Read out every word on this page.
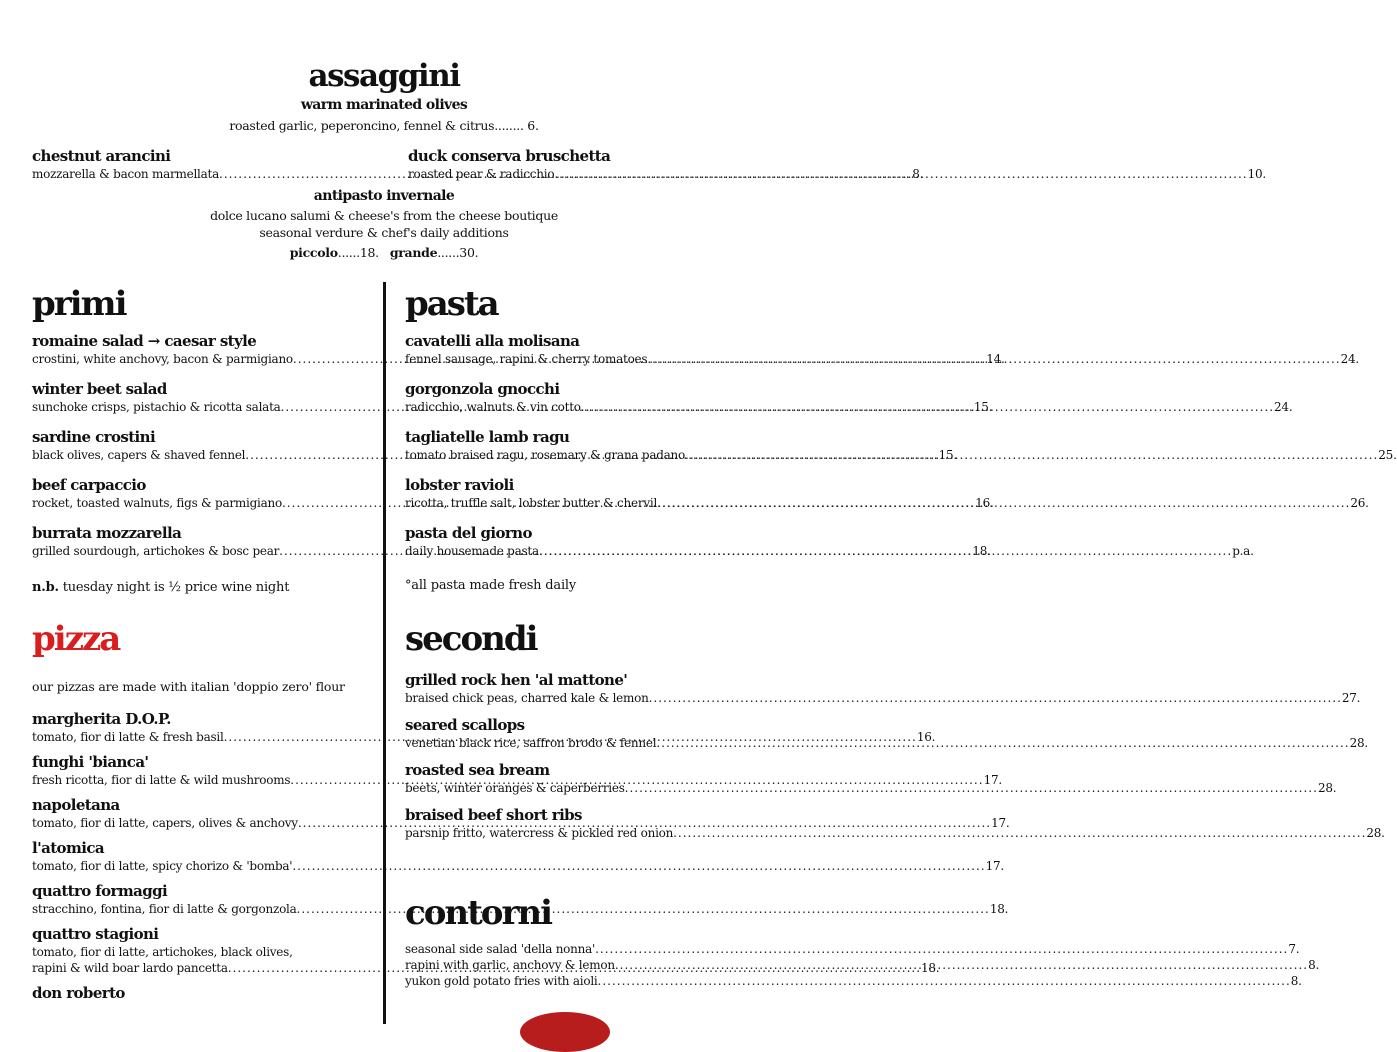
assaggini
warm marinated olives
roasted garlic, peperoncino, fennel & citrus........ 6.
chestnut arancini
mozzarella & bacon marmellata .....	8.
duck conserva bruschetta
roasted pear & radicchio .....	10.
antipasto invernale
dolce lucano salumi & cheese's from the cheese boutique
seasonal verdure & chef's daily additions
piccolo......18. grande......30.
primi
romaine salad → caesar style
crostini, white anchovy, bacon & parmigiano .....	14.
winter beet salad
sunchoke crisps, pistachio & ricotta salata .....	15.
sardine crostini
black olives, capers & shaved fennel .....	15.
beef carpaccio
rocket, toasted walnuts, figs & parmigiano .....	16.
burrata mozzarella
grilled sourdough, artichokes & bosc pear .....	18.
n.b. tuesday night is ½ price wine night
pasta
cavatelli alla molisana
fennel sausage, rapini & cherry tomatoes .....	24.
gorgonzola gnocchi
radicchio, walnuts & vin cotto .....	24.
tagliatelle lamb ragu
tomato braised ragu, rosemary & grana padano .....	25.
lobster ravioli
ricotta, truffle salt, lobster butter & chervil .....	26.
pasta del giorno
daily housemade pasta .....	p.a.
°all pasta made fresh daily
pizza
our pizzas are made with italian 'doppio zero' flour
margherita D.O.P.
tomato, fior di latte & fresh basil .....	16.
funghi 'bianca'
fresh ricotta, fior di latte & wild mushrooms .....	17.
napoletana
tomato, fior di latte, capers, olives & anchovy .....	17.
l'atomica
tomato, fior di latte, spicy chorizo & 'bomba' .....	17.
quattro formaggi
stracchino, fontina, fior di latte & gorgonzola .....	18.
quattro stagioni
tomato, fior di latte, artichokes, black olives,
rapini & wild boar lardo pancetta .....	18.
don roberto
secondi
grilled rock hen 'al mattone'
braised chick peas, charred kale & lemon .....	27.
seared scallops
venetian black rice, saffron brodo & fennel .....	28.
roasted sea bream
beets, winter oranges & caperberries .....	28.
braised beef short ribs
parsnip fritto, watercress & pickled red onion .....	28.
contorni
seasonal side salad 'della nonna' .....	7.
rapini with garlic, anchovy & lemon .....	8.
yukon gold potato fries with aioli .....	8.
